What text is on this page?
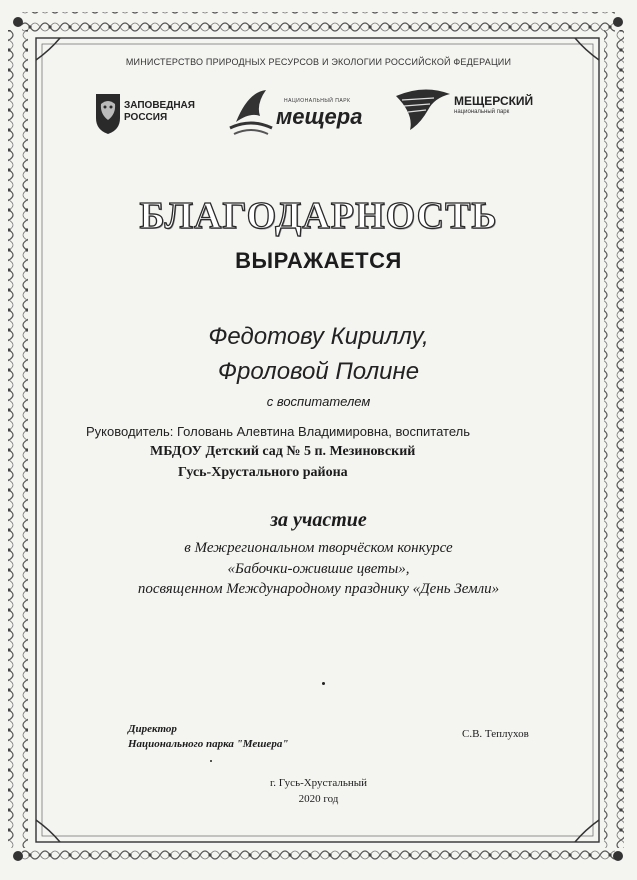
МИНИСТЕРСТВО ПРИРОДНЫХ РЕСУРСОВ И ЭКОЛОГИИ РОССИЙСКОЙ ФЕДЕРАЦИИ
ЗАПОВЕДНАЯ
РОССИЯ
НАЦИОНАЛЬНЫЙ ПАРК
мещера
МЕЩЕРСКИЙ
национальный парк
БЛАГОДАРНОСТЬ
ВЫРАЖАЕТСЯ
Федотову Кириллу,
Фроловой Полине
с воспитателем
Руководитель: Головань Алевтина Владимировна, воспитатель
МБДОУ Детский сад № 5 п. Мезиновский
Гусь-Хрустального района
за участие
в Межрегиональном творчёском конкурсе
«Бабочки-ожившие цветы»,
посвященном Международному празднику «День Земли»
Директор
Национального парка "Мешера"
С.В. Теплухов
г. Гусь-Хрустальный
2020 год
